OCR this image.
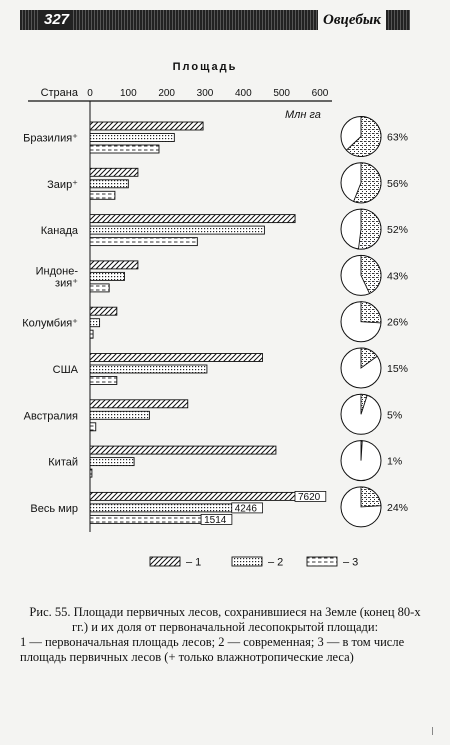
327	Овцебык
Площадь
Страна
Млн га
0	100 200 300 400 500 600
Бразилия⁺
Заир⁺
Канада
Индоне-
зия⁺
Колумбия⁺
США
Австралия
Китай
Весь мир
7620
4246
1514
63%
56%
52%
43%
26%
15%
5%
1%
24%
– 1	– 2	– 3
Рис. 55. Площади первичных лесов, сохранившиеся на Земле (конец 80-х гг.) и их доля от первоначальной лесопокрытой площади:
1 — первоначальная площадь лесов; 2 — современная; 3 — в том числе площадь первичных лесов (+ только влажнотропические леса)
